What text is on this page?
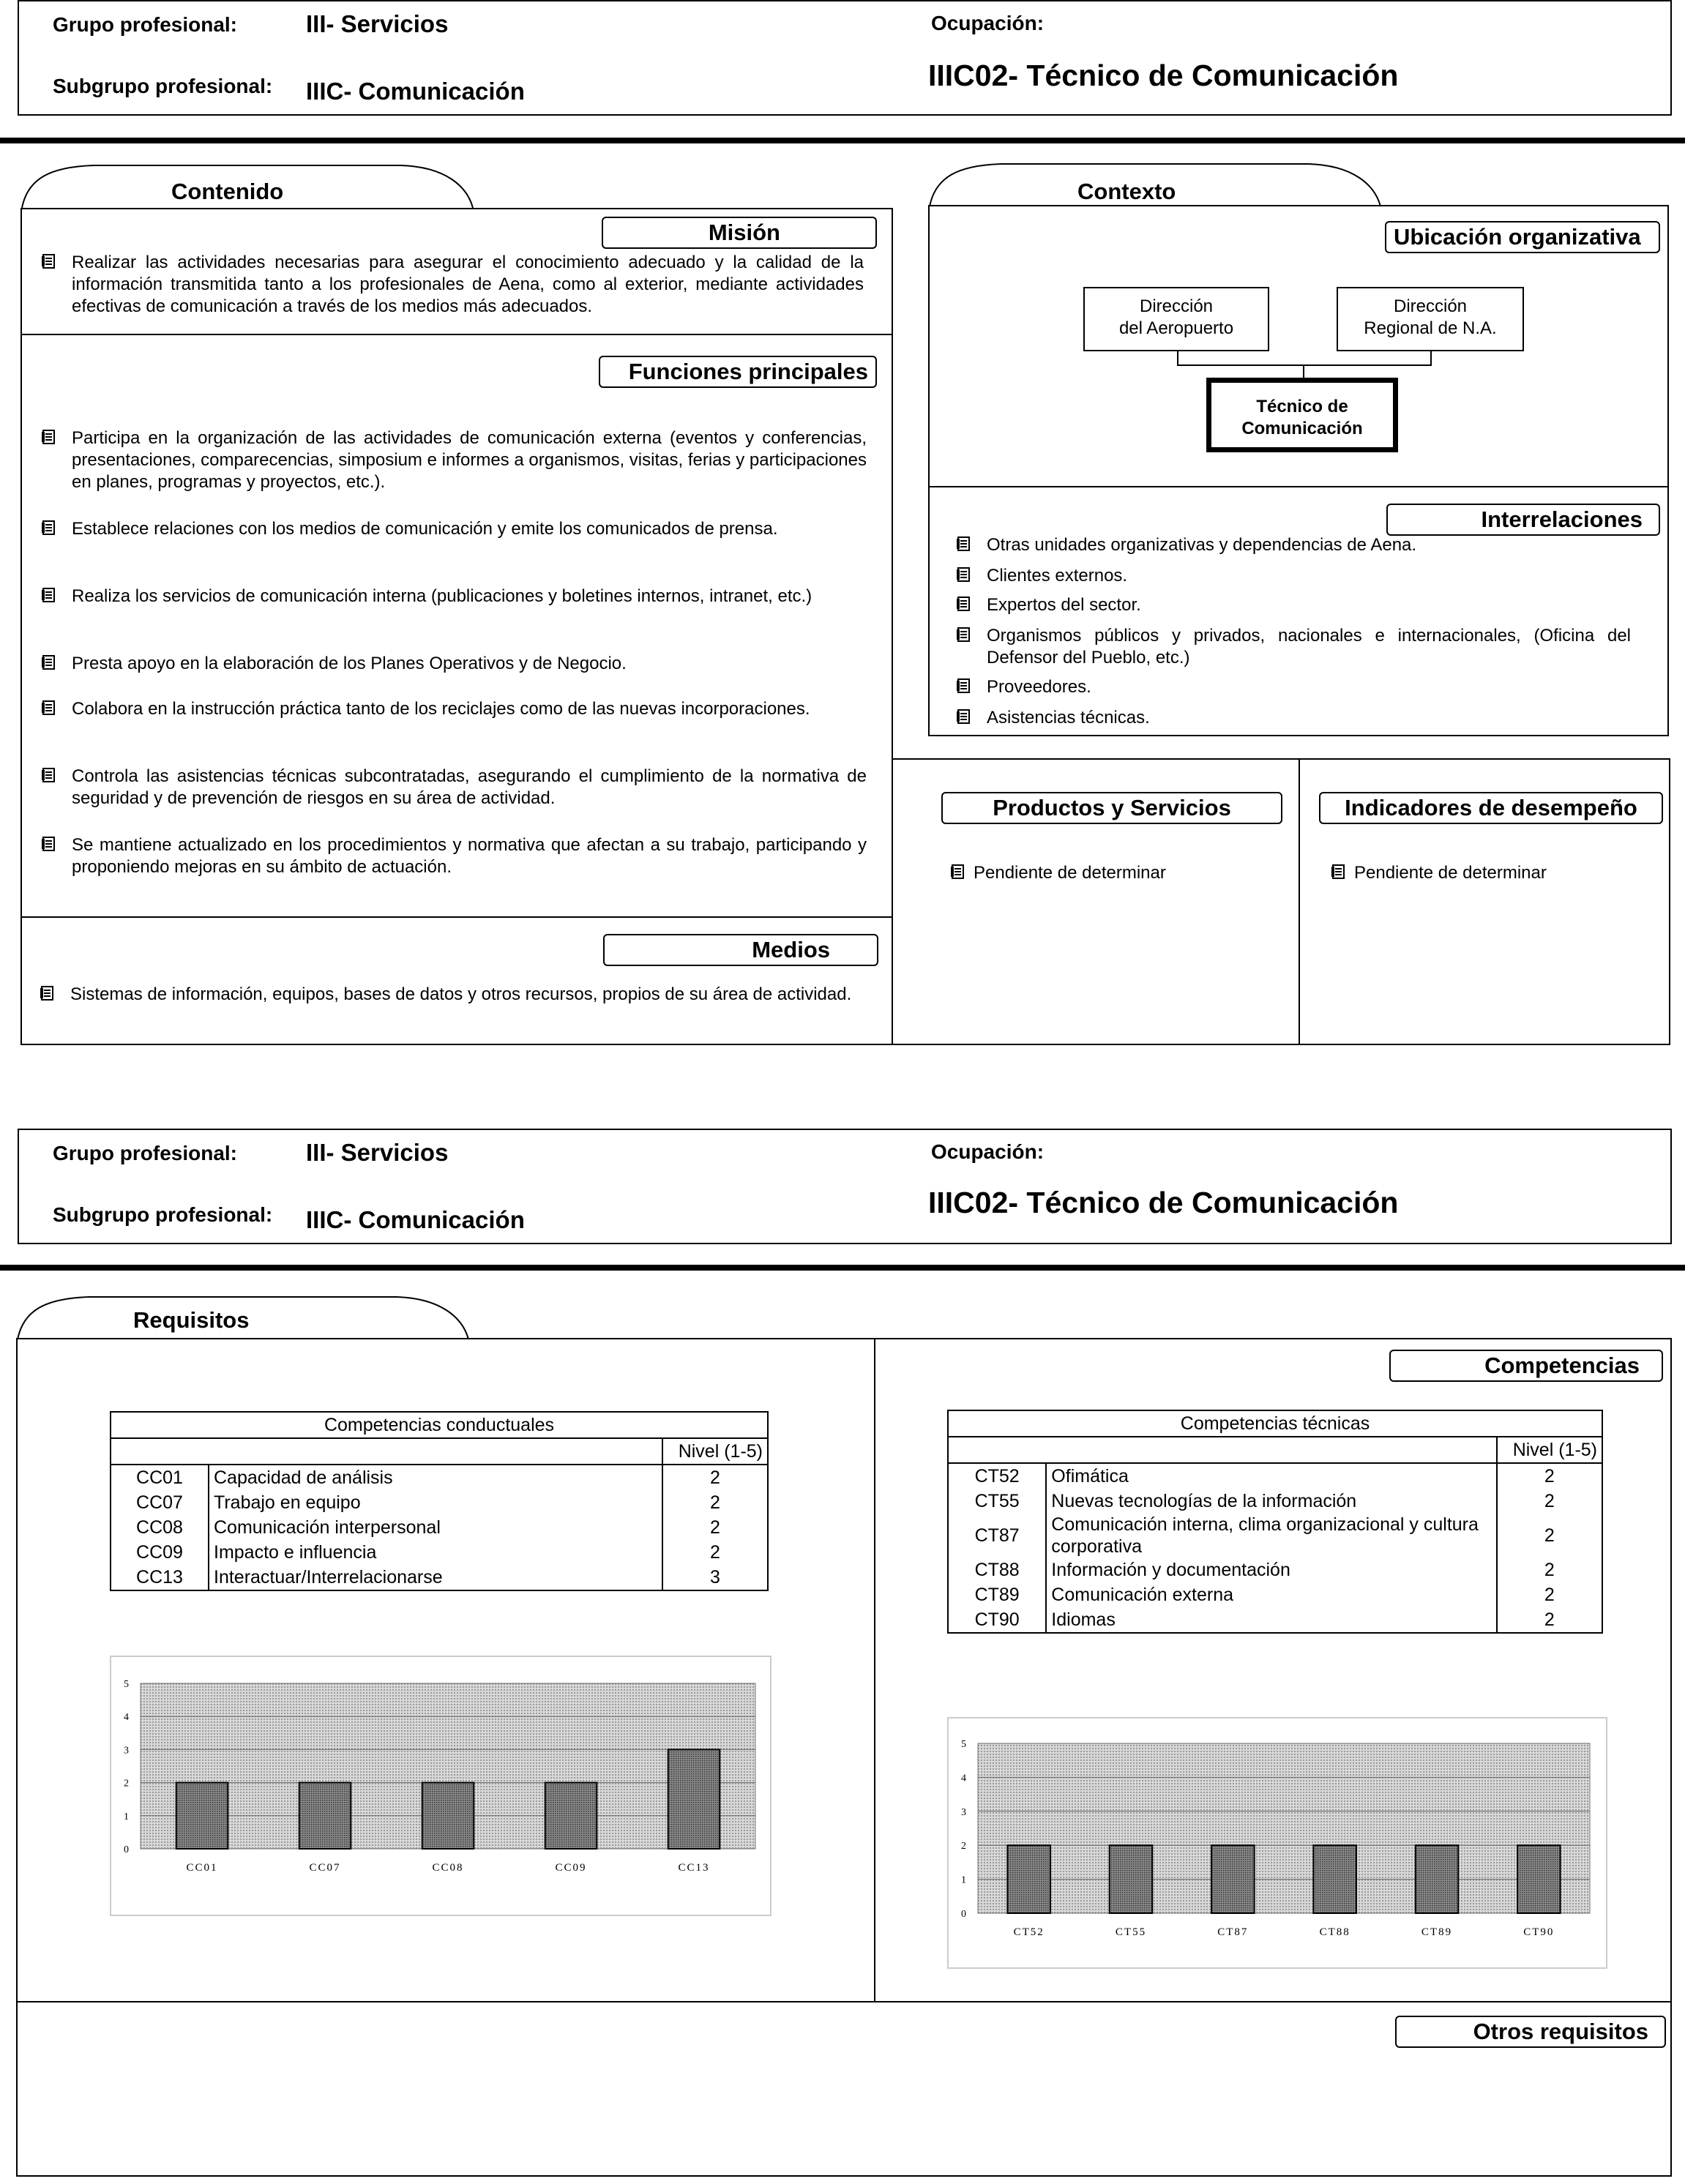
Grupo profesional:	III- Servicios
Subgrupo profesional: IIIC- Comunicación
Ocupación:
IIIC02- Técnico de Comunicación
Contenido
Misión

Realizar las actividades necesarias para asegurar el conocimiento adecuado y la calidad de la información transmitida tanto a los profesionales de Aena, como al exterior, mediante actividades efectivas de comunicación a través de los medios más adecuados.

Funciones principales

Participa en la organización de las actividades de comunicación externa (eventos y conferencias, presentaciones, comparecencias, simposium e informes a organismos, visitas, ferias y participaciones en planes, programas y proyectos, etc.).

Establece relaciones con los medios de comunicación y emite los comunicados de prensa.

Realiza los servicios de comunicación interna (publicaciones y boletines internos, intranet, etc.)

Presta apoyo en la elaboración de los Planes Operativos y de Negocio.

Colabora en la instrucción práctica tanto de los reciclajes como de las nuevas incorporaciones.

Controla las asistencias técnicas subcontratadas, asegurando el cumplimiento de la normativa de seguridad y de prevención de riesgos en su área de actividad.

Se mantiene actualizado en los procedimientos y normativa que afectan a su trabajo, participando y proponiendo mejoras en su ámbito de actuación.

Medios

Sistemas de información, equipos, bases de datos y otros recursos, propios de su área de actividad.

Contexto
Ubicación organizativa
Dirección
del Aeropuerto
Dirección
Regional de N.A.
Técnico de
Comunicación
Interrelaciones

Otras unidades organizativas y dependencias de Aena.

Clientes externos.

Expertos del sector.

Organismos públicos y privados, nacionales e internacionales, (Oficina del Defensor del Pueblo, etc.)

Proveedores.

Asistencias técnicas.

Productos y Servicios	Indicadores de desempeño

Pendiente de determinar	Pendiente de determinar

Grupo profesional:	III- Servicios
Subgrupo profesional: IIIC- Comunicación
Ocupación:
IIIC02- Técnico de Comunicación
Requisitos
Competencias
Otros requisitos
Competencias conductuales		
		Nivel (1-5)
CC01	Capacidad de análisis	2
CC07	Trabajo en equipo	2
CC08	Comunicación interpersonal	2
CC09	Impacto e influencia	2
CC13	Interactuar/Interrelacionarse	3
Competencias técnicas		
		Nivel (1-5)
CT52	Ofimática	2
CT55	Nuevas tecnologías de la información	2
CT87	Comunicación interna, clima organizacional y cultura corporativa	2
CT88	Información y documentación	2
CT89	Comunicación externa	2
CT90	Idiomas	2
0
1
2
3
4
5
CC01	CC07	CC08	CC09	CC13
0
1
2
3
4
5
CT52	CT55	CT87	CT88	CT89	CT90
